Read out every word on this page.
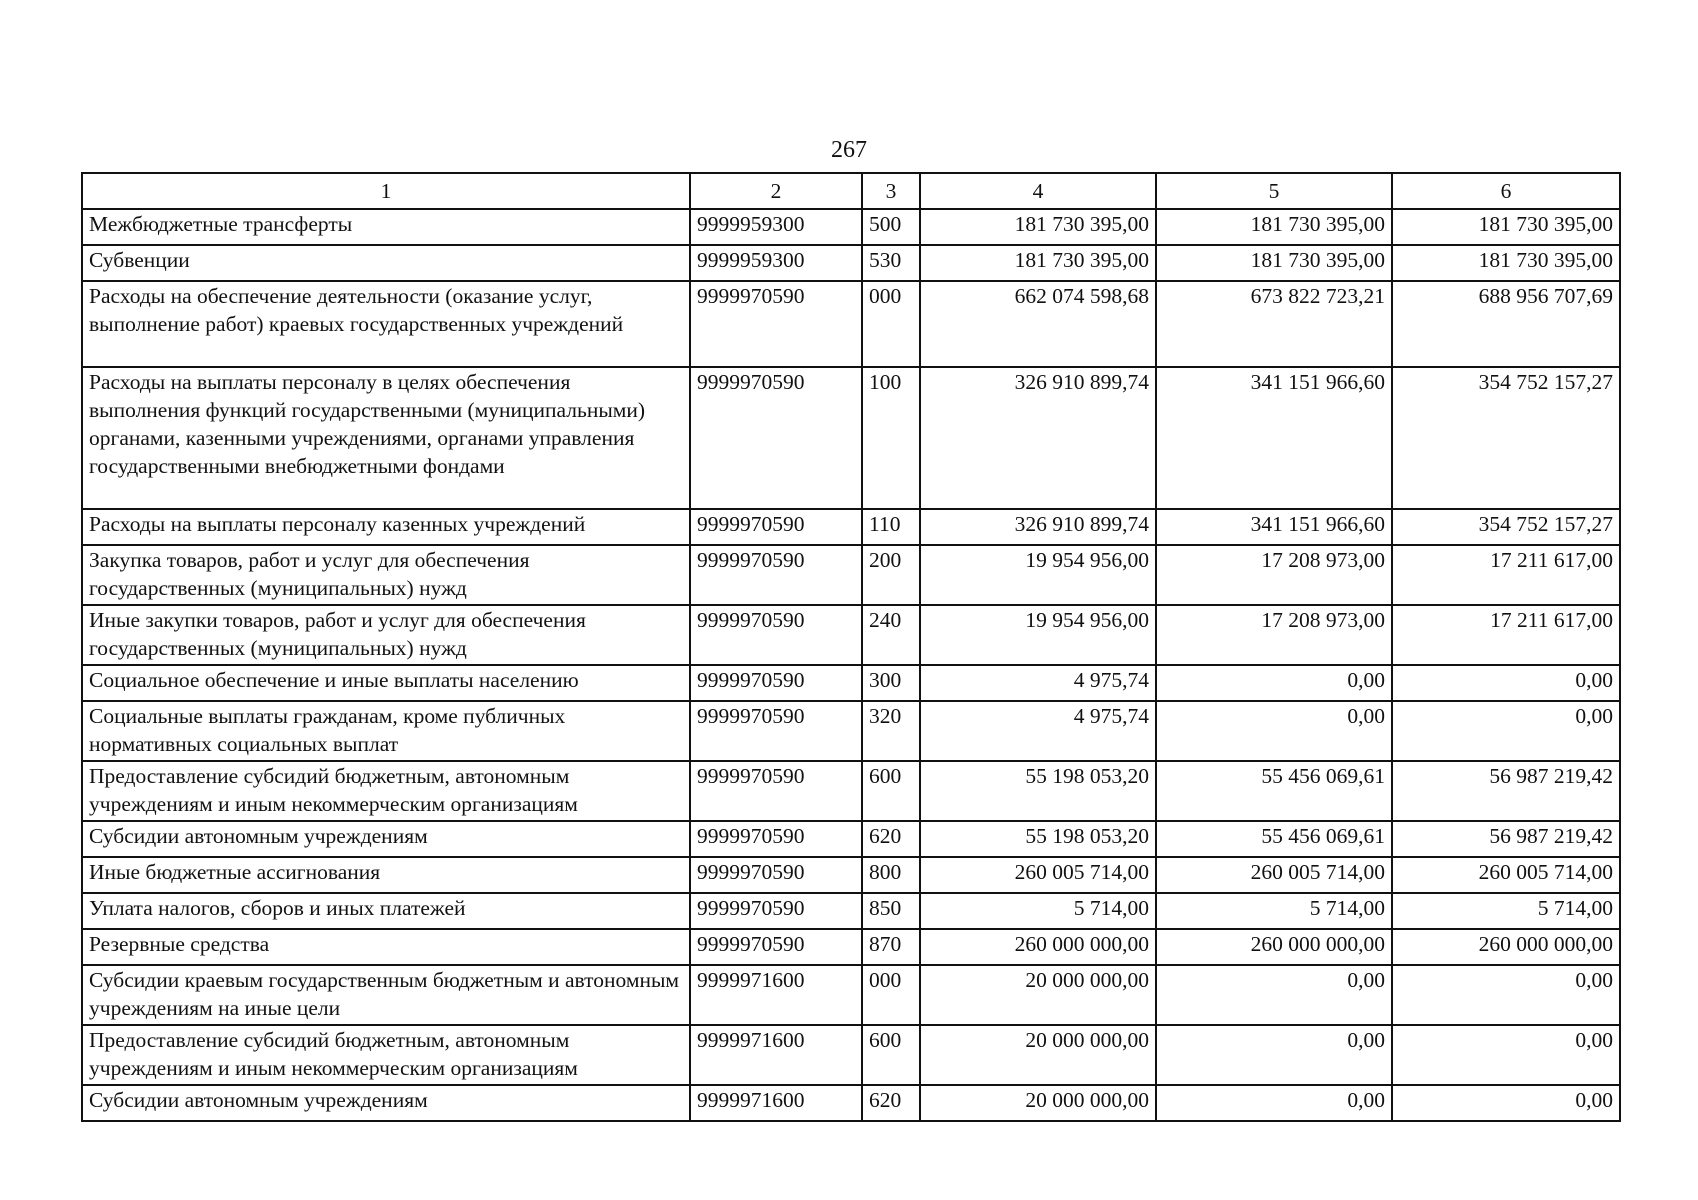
267
1	2	3	4	5	6
Межбюджетные трансферты	9999959300	500	181 730 395,00	181 730 395,00	181 730 395,00
Субвенции	9999959300	530	181 730 395,00	181 730 395,00	181 730 395,00
Расходы на обеспечение деятельности (оказание услуг, выполнение работ) краевых государственных учреждений	9999970590	000	662 074 598,68	673 822 723,21	688 956 707,69
Расходы на выплаты персоналу в целях обеспечения выполнения функций государственными (муниципальными) органами, казенными учреждениями, органами управления государственными внебюджетными фондами	9999970590	100	326 910 899,74	341 151 966,60	354 752 157,27
Расходы на выплаты персоналу казенных учреждений	9999970590	110	326 910 899,74	341 151 966,60	354 752 157,27
Закупка товаров, работ и услуг для обеспечения государственных (муниципальных) нужд	9999970590	200	19 954 956,00	17 208 973,00	17 211 617,00
Иные закупки товаров, работ и услуг для обеспечения государственных (муниципальных) нужд	9999970590	240	19 954 956,00	17 208 973,00	17 211 617,00
Социальное обеспечение и иные выплаты населению	9999970590	300	4 975,74	0,00	0,00
Социальные выплаты гражданам, кроме публичных нормативных социальных выплат	9999970590	320	4 975,74	0,00	0,00
Предоставление субсидий бюджетным, автономным учреждениям и иным некоммерческим организациям	9999970590	600	55 198 053,20	55 456 069,61	56 987 219,42
Субсидии автономным учреждениям	9999970590	620	55 198 053,20	55 456 069,61	56 987 219,42
Иные бюджетные ассигнования	9999970590	800	260 005 714,00	260 005 714,00	260 005 714,00
Уплата налогов, сборов и иных платежей	9999970590	850	5 714,00	5 714,00	5 714,00
Резервные средства	9999970590	870	260 000 000,00	260 000 000,00	260 000 000,00
Субсидии краевым государственным бюджетным и автономным учреждениям на иные цели	9999971600	000	20 000 000,00	0,00	0,00
Предоставление субсидий бюджетным, автономным учреждениям и иным некоммерческим организациям	9999971600	600	20 000 000,00	0,00	0,00
Субсидии автономным учреждениям	9999971600	620	20 000 000,00	0,00	0,00
